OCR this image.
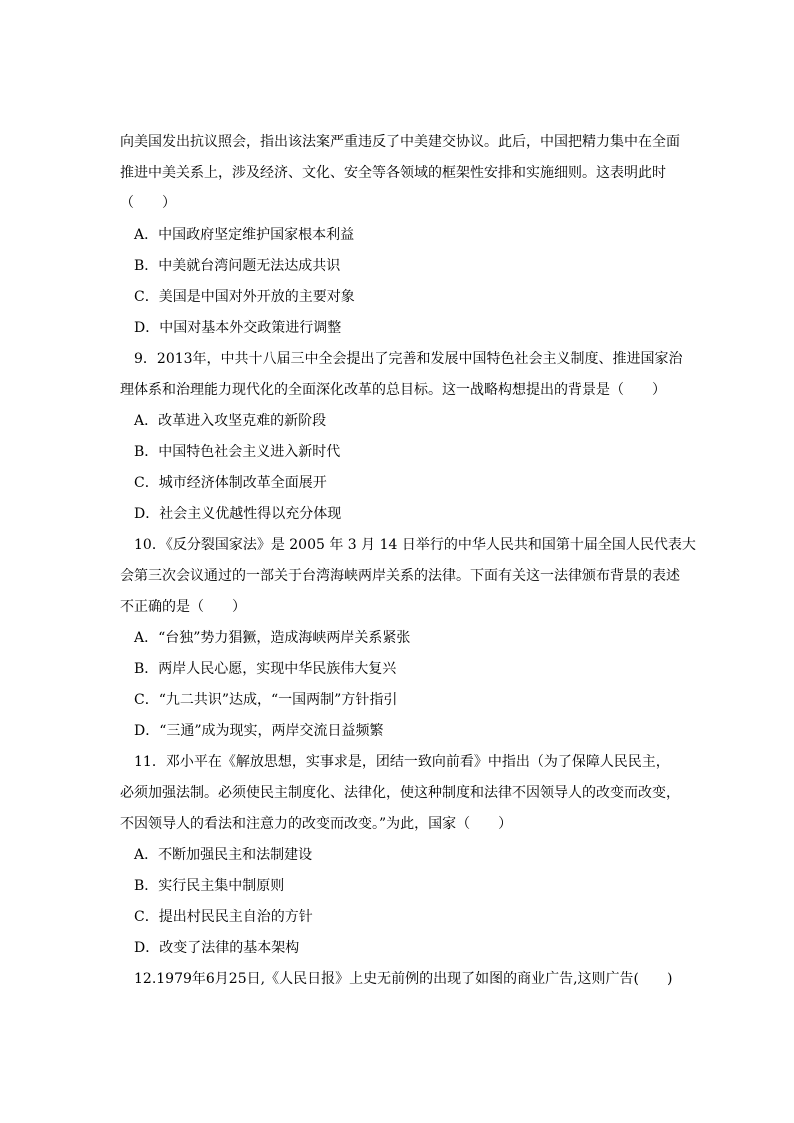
向美国发出抗议照会，指出该法案严重违反了中美建交协议。此后，中国把精力集中在全面
推进中美关系上，涉及经济、文化、安全等各领域的框架性安排和实施细则。这表明此时
（　　）
A．中国政府坚定维护国家根本利益
B．中美就台湾问题无法达成共识
C．美国是中国对外开放的主要对象
D．中国对基本外交政策进行调整
9．2013年，中共十八届三中全会提出了完善和发展中国特色社会主义制度、推进国家治
理体系和治理能力现代化的全面深化改革的总目标。这一战略构想提出的背景是（　　）
A．改革进入攻坚克难的新阶段
B．中国特色社会主义进入新时代
C．城市经济体制改革全面展开
D．社会主义优越性得以充分体现
10．《反分裂国家法》是 2005 年 3 月 14 日举行的中华人民共和国第十届全国人民代表大
会第三次会议通过的一部关于台湾海峡两岸关系的法律。下面有关这一法律颁布背景的表述
不正确的是（　　）
A．“台独”势力猖獗，造成海峡两岸关系紧张
B．两岸人民心愿，实现中华民族伟大复兴
C．“九二共识”达成，“一国两制”方针指引
D．“三通”成为现实，两岸交流日益频繁
11．邓小平在《解放思想，实事求是，团结一致向前看》中指出（为了保障人民民主，
必须加强法制。必须使民主制度化、法律化，使这种制度和法律不因领导人的改变而改变，
不因领导人的看法和注意力的改变而改变。”为此，国家（　　）
A．不断加强民主和法制建设
B．实行民主集中制原则
C．提出村民民主自治的方针
D．改变了法律的基本架构
12.1979年6月25日,《人民日报》上史无前例的出现了如图的商业广告,这则广告(　　)
